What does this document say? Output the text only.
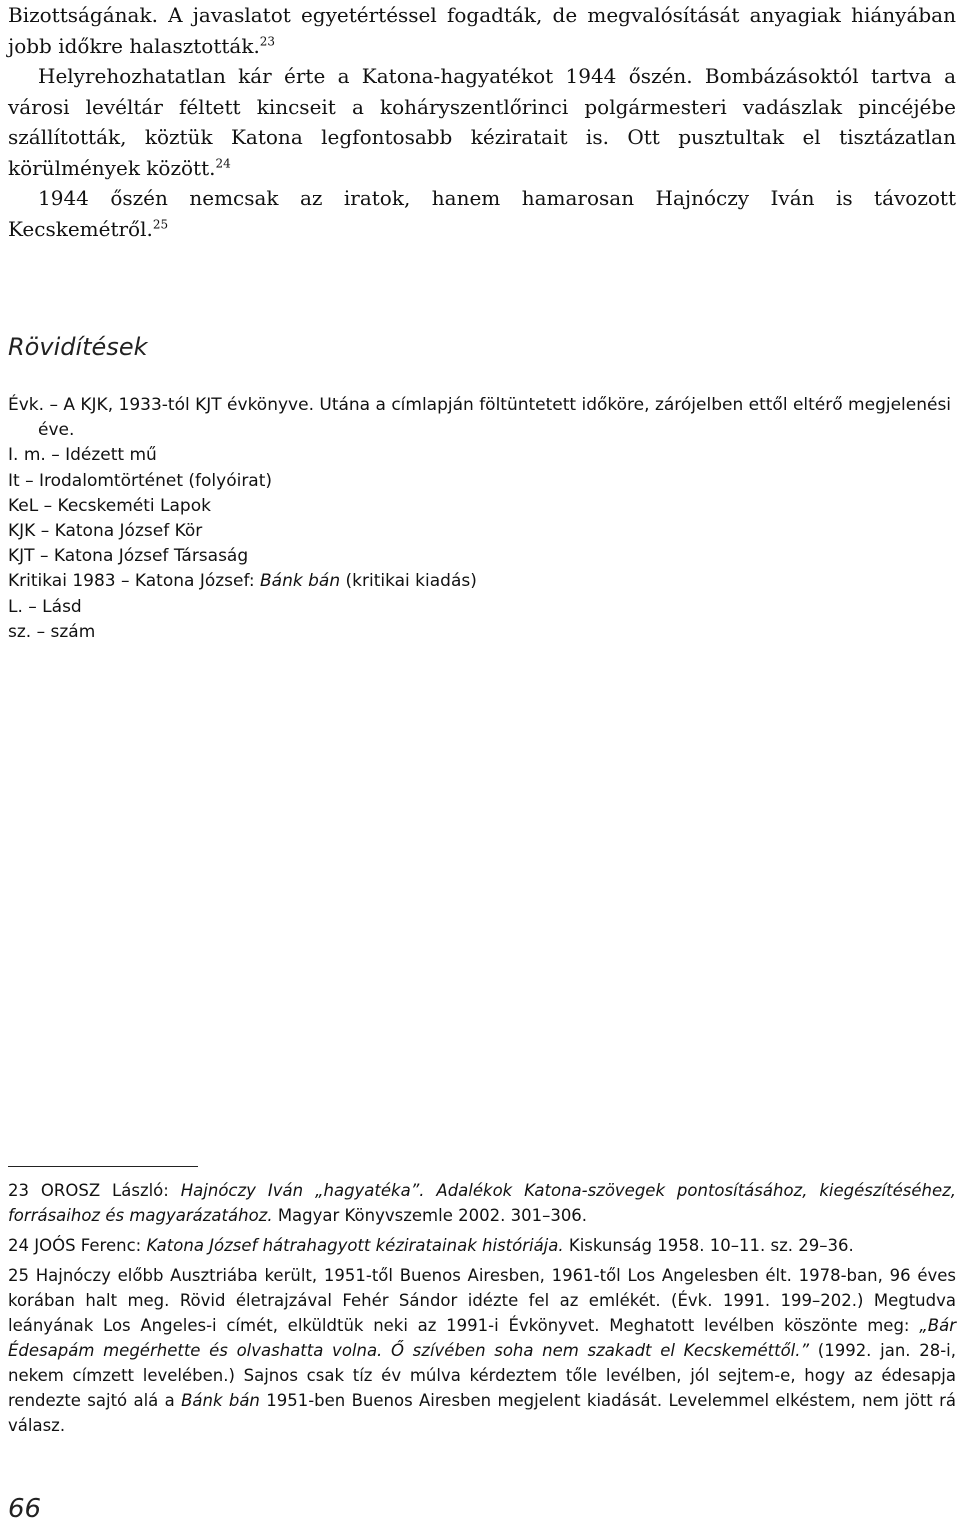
Bizottságának. A javaslatot egyetértéssel fogadták, de megvalósítását anyagiak hiányában jobb időkre halasztották.$^{23}$

Helyrehozhatatlan kár érte a Katona-hagyatékot 1944 őszén. Bombázásoktól tartva a városi levéltár féltett kincseit a koháryszentlőrinci polgármesteri vadászlak pincéjébe szállították, köztük Katona legfontosabb kéziratait is. Ott pusztultak el tisztázatlan körülmények között.$^{24}$

1944 őszén nemcsak az iratok, hanem hamarosan Hajnóczy Iván is távozott Kecskemétről.$^{25}$

Rövidítések
Évk. – A KJK, 1933-tól KJT évkönyve. Utána a címlapján föltüntetett időköre, zárójelben ettől eltérő megjelenési éve.
I. m. – Idézett mű
It – Irodalomtörténet (folyóirat)
KeL – Kecskeméti Lapok
KJK – Katona József Kör
KJT – Katona József Társaság
Kritikai 1983 – Katona József: Bánk bán (kritikai kiadás)
L. – Lásd
sz. – szám

23 OROSZ László: Hajnóczy Iván „hagyatéka”. Adalékok Katona-szövegek pontosításához, kiegészítéséhez, forrásaihoz és magyarázatához. Magyar Könyvszemle 2002. 301–306.

24 JOÓS Ferenc: Katona József hátrahagyott kéziratainak históriája. Kiskunság 1958. 10–11. sz. 29–36.

25 Hajnóczy előbb Ausztriába került, 1951-től Buenos Airesben, 1961-től Los Angelesben élt. 1978-ban, 96 éves korában halt meg. Rövid életrajzával Fehér Sándor idézte fel az emlékét. (Évk. 1991. 199–202.) Megtudva leányának Los Angeles-i címét, elküldtük neki az 1991-i Évkönyvet. Meghatott levélben köszönte meg: „Bár Édesapám megérhette és olvashatta volna. Ő szívében soha nem szakadt el Kecskeméttől.” (1992. jan. 28-i, nekem címzett levelében.) Sajnos csak tíz év múlva kérdeztem tőle levélben, jól sejtem-e, hogy az édesapja rendezte sajtó alá a Bánk bán 1951-ben Buenos Airesben megjelent kiadását. Levelemmel elkéstem, nem jött rá válasz.

66
